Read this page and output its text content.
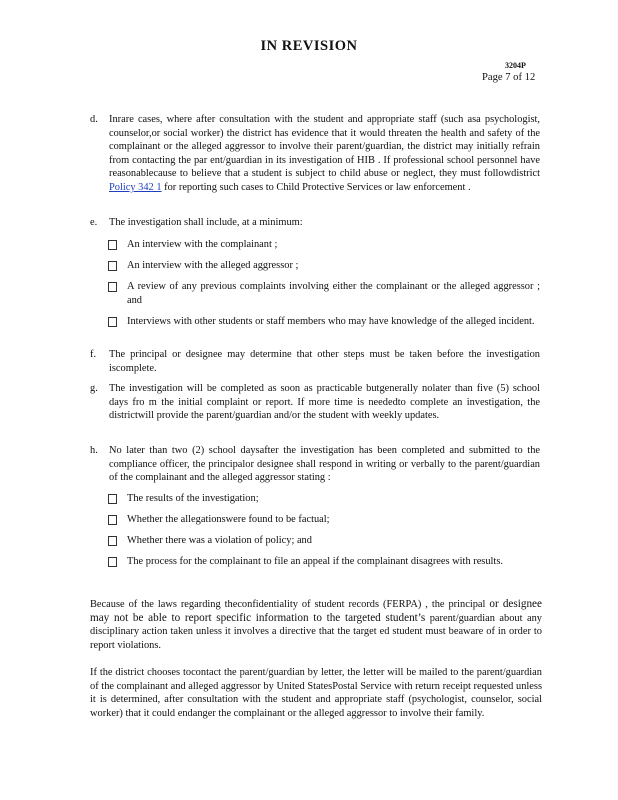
IN REVISION
3204P
Page 7 of 12
d. Inrare cases, where after consultation with the student and appropriate staff (such asa psychologist, counselor,or social worker) the district has evidence that it would threaten the health and safety of the complainant or the alleged aggressor to involve their parent/guardian, the district may initially refrain from contacting the par ent/guardian in its investigation of HIB . If professional school personnel have reasonablecause to believe that a student is subject to child abuse or neglect, they must followdistrict Policy 342 1 for reporting such cases to Child Protective Services or law enforcement .
e. The investigation shall include, at a minimum:
An interview with the complainant ;
An interview with the alleged aggressor ;
A review of any previous complaints involving either the complainant or the alleged aggressor ; and
Interviews with other students or staff members who may have knowledge of the alleged incident.
f. The principal or designee may determine that other steps must be taken before the investigation iscomplete.
g. The investigation will be completed as soon as practicable butgenerally nolater than five (5) school days fro m the initial complaint or report. If more time is neededto complete an investigation, the districtwill provide the parent/guardian and/or the student with weekly updates.
h. No later than two (2) school daysafter the investigation has been completed and submitted to the compliance officer, the principalor designee shall respond in writing or verbally to the parent/guardian of the complainant and the alleged aggressor stating :
The results of the investigation;
Whether the allegationswere found to be factual;
Whether there was a violation of policy; and
The process for the complainant to file an appeal if the complainant disagrees with results.
Because of the laws regarding theconfidentiality of student records (FERPA) , the principal or designee may not be able to report specific information to the targeted student’s parent/guardian about any disciplinary action taken unless it involves a directive that the target ed student must beaware of in order to report violations.
If the district chooses tocontact the parent/guardian by letter, the letter will be mailed to the parent/guardian of the complainant and alleged aggressor by United StatesPostal Service with return receipt requested unless it is determined, after consultation with the student and appropriate staff (psychologist, counselor, social worker) that it could endanger the complainant or the alleged aggressor to involve their family.
